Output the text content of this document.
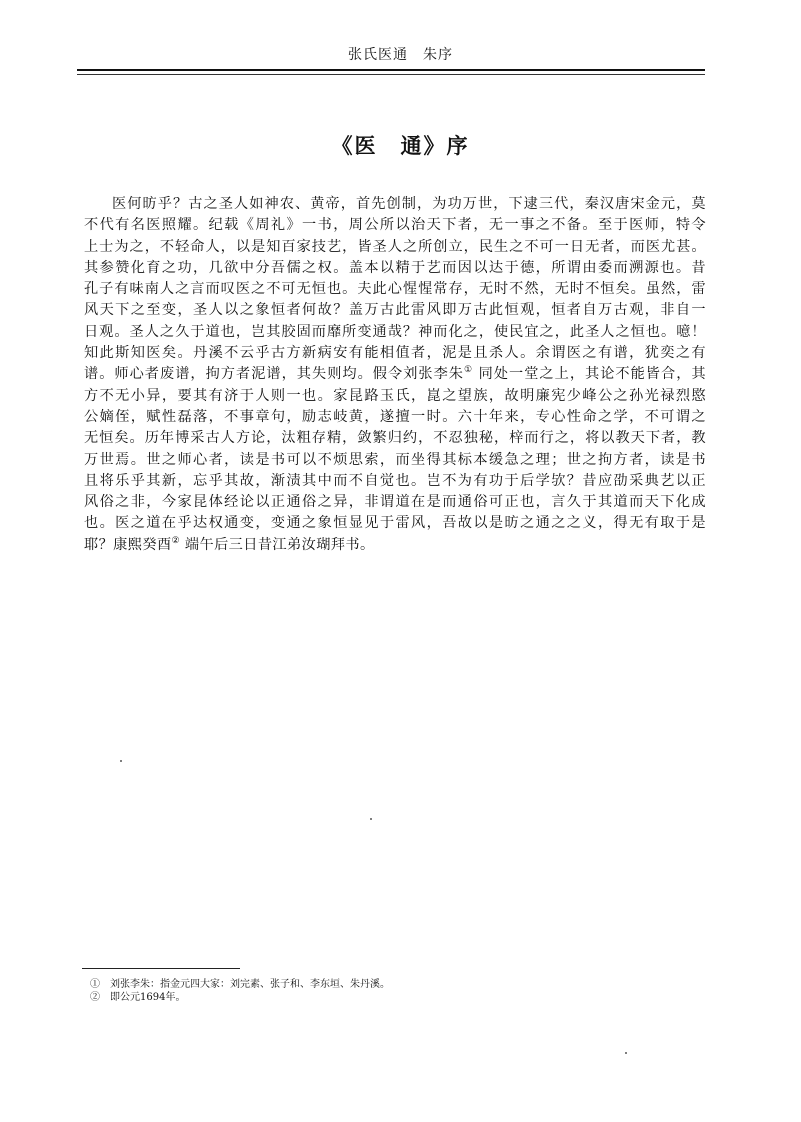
张氏医通　朱序
《医　通》序
医何昉乎？古之圣人如神农、黄帝，首先创制，为功万世，下逮三代，秦汉唐宋金元，莫
不代有名医照耀。纪载《周礼》一书，周公所以治天下者，无一事之不备。至于医师，特令
上士为之，不轻命人，以是知百家技艺，皆圣人之所创立，民生之不可一日无者，而医尤甚。
其参赞化育之功，几欲中分吾儒之权。盖本以精于艺而因以达于德，所谓由委而溯源也。昔
孔子有味南人之言而叹医之不可无恒也。夫此心惺惺常存，无时不然，无时不恒矣。虽然，雷
风天下之至变，圣人以之象恒者何故？盖万古此雷风即万古此恒观，恒者自万古观，非自一
日观。圣人之久于道也，岂其胶固而靡所变通哉？神而化之，使民宜之，此圣人之恒也。噫！
知此斯知医矣。丹溪不云乎古方新病安有能相值者，泥是且杀人。余谓医之有谱，犹奕之有
谱。师心者废谱，拘方者泥谱，其失则均。假令刘张李朱① 同处一堂之上，其论不能皆合，其
方不无小异，要其有济于人则一也。家昆路玉氏，崑之望族，故明廉宪少峰公之孙光禄烈愍
公嫡侄，赋性磊落，不事章句，励志岐黄，遂擅一时。六十年来，专心性命之学，不可谓之
无恒矣。历年博采古人方论，汰粗存精，敛繁归约，不忍独秘，梓而行之，将以教天下者，教
万世焉。世之师心者，读是书可以不烦思索，而坐得其标本缓急之理；世之拘方者，读是书
且将乐乎其新，忘乎其故，渐渍其中而不自觉也。岂不为有功于后学欤？昔应劭采典艺以正
风俗之非，今家昆体经论以正通俗之异，非谓道在是而通俗可正也，言久于其道而天下化成
也。医之道在乎达权通变，变通之象恒显见于雷风，吾故以是昉之通之之义，得无有取于是
耶？康熙癸酉② 端午后三日昔江弟汝瑚拜书。
①　刘张李朱：指金元四大家：刘完素、张子和、李东垣、朱丹溪。
②　即公元1694年。
